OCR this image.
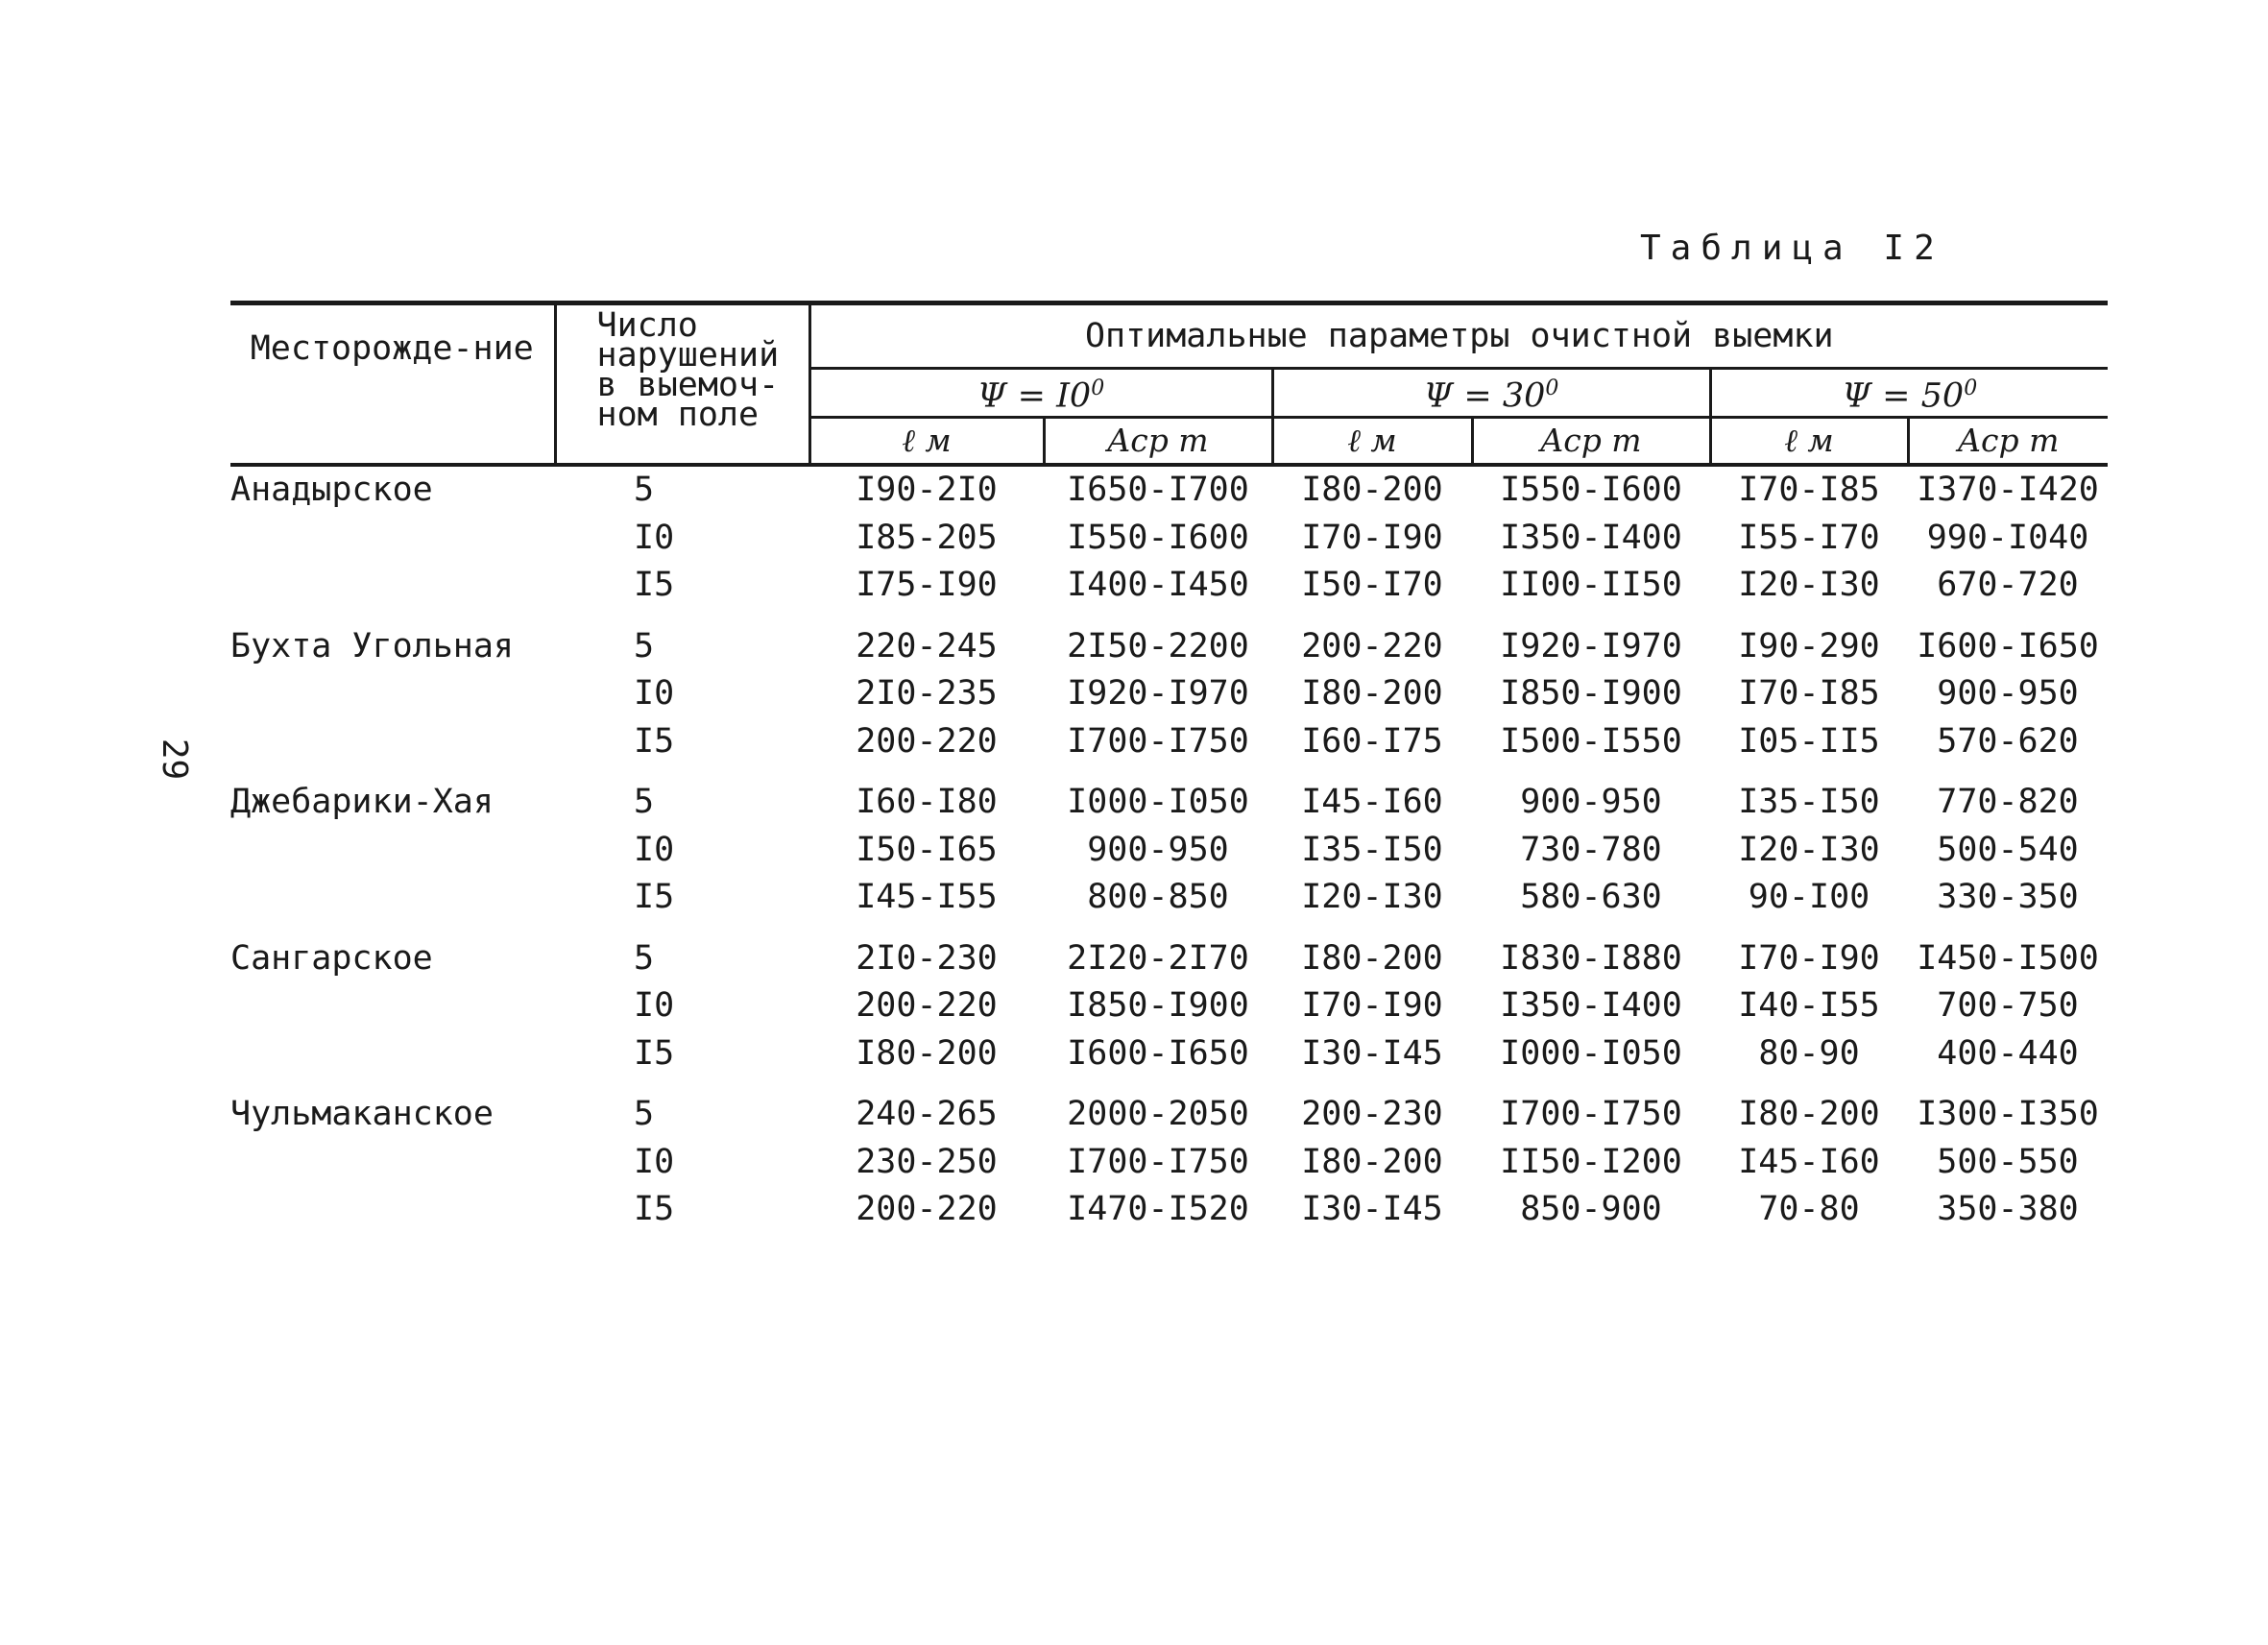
Таблица I2
29
Месторожде-ние	Число
нарушений
в выемоч-
ном поле	Оптимальные параметры очистной выемки					
		$\Psi = I0^0$		$\Psi = 30^0$		$\Psi = 50^0$
		ℓ м	Aср т	ℓ м	Aср т	ℓ м	Aср т
Анадырское	5	I90-2I0	I650-I700	I80-200	I550-I600	I70-I85	I370-I420
	I0	I85-205	I550-I600	I70-I90	I350-I400	I55-I70	990-I040
	I5	I75-I90	I400-I450	I50-I70	II00-II50	I20-I30	670-720
Бухта Угольная	5	220-245	2I50-2200	200-220	I920-I970	I90-290	I600-I650
	I0	2I0-235	I920-I970	I80-200	I850-I900	I70-I85	900-950
	I5	200-220	I700-I750	I60-I75	I500-I550	I05-II5	570-620
Джебарики-Хая	5	I60-I80	I000-I050	I45-I60	900-950	I35-I50	770-820
	I0	I50-I65	900-950	I35-I50	730-780	I20-I30	500-540
	I5	I45-I55	800-850	I20-I30	580-630	90-I00	330-350
Сангарское	5	2I0-230	2I20-2I70	I80-200	I830-I880	I70-I90	I450-I500
	I0	200-220	I850-I900	I70-I90	I350-I400	I40-I55	700-750
	I5	I80-200	I600-I650	I30-I45	I000-I050	80-90	400-440
Чульмаканское	5	240-265	2000-2050	200-230	I700-I750	I80-200	I300-I350
	I0	230-250	I700-I750	I80-200	II50-I200	I45-I60	500-550
	I5	200-220	I470-I520	I30-I45	850-900	70-80	350-380
